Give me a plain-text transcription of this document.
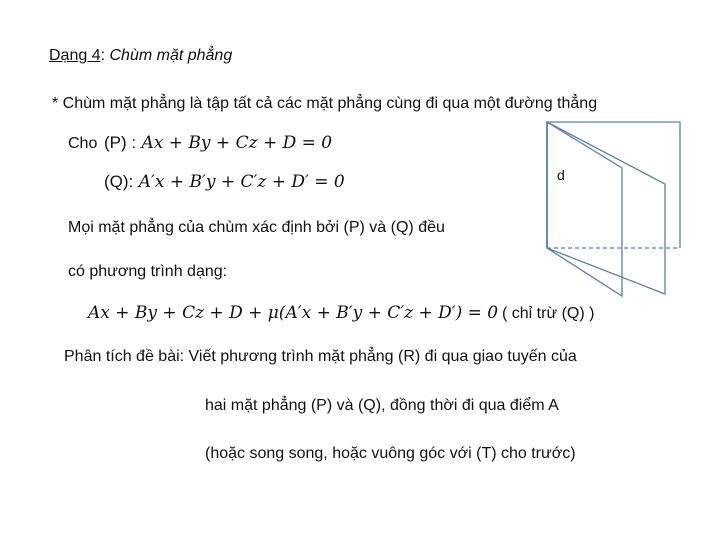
Dạng 4: Chùm mặt phẳng
* Chùm mặt phẳng là tập tất cả các mặt phẳng cùng đi qua một đường thẳng
Cho (P) : Ax + By + Cz + D = 0
(Q): A′x + B′y + C′z + D′ = 0	d
Mọi mặt phẳng của chùm xác định bởi (P) và (Q) đều
có phương trình dạng:
Ax + By + Cz + D + μ(A′x + B′y + C′z + D′) = 0 ( chỉ trừ (Q) )
Phân tích đề bài: Viết phương trình mặt phẳng (R) đi qua giao tuyến của
hai mặt phẳng (P) và (Q), đồng thời đi qua điểm A
(hoặc song song, hoặc vuông góc với (T) cho trước)
